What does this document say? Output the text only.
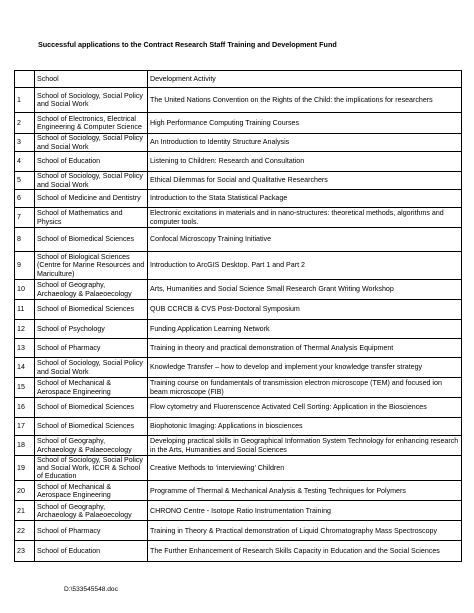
Successful applications to the Contract Research Staff Training and Development Fund
	School	Development Activity
1	School of Sociology, Social Policy and Social Work	The United Nations Convention on the Rights of the Child: the implications for researchers
2	School of Electronics, Electrical Engineering & Computer Science	High Performance Computing Training Courses
3	School of Sociology, Social Policy and Social Work	An Introduction to Identity Structure Analysis
4	School of Education	Listening to Children: Research and Consultation
5	School of Sociology, Social Policy and Social Work	Ethical Dilemmas for Social and Qualitative Researchers
6	School of Medicine and Dentistry	Introduction to the Stata Statistical Package
7	School of Mathematics and Physics	Electronic excitations in materials and in nano-structures: theoretical methods, algorithms and computer tools.
8	School of Biomedical Sciences	Confocal Microscopy Training Initiative
9	School of Biological Sciences (Centre for Marine Resources and Mariculture)	Introduction to ArcGIS Desktop. Part 1 and Part 2
10	School of Geography, Archaeology & Palaeoecology	Arts, Humanities and Social Science Small Research Grant Writing Workshop
11	School of Biomedical Sciences	QUB CCRCB & CVS Post-Doctoral Symposium
12	School of Psychology	Funding Application Learning Network
13	School of Pharmacy	Training in theory and practical demonstration of Thermal Analysis Equipment
14	School of Sociology, Social Policy and Social Work	Knowledge Transfer – how to develop and implement your knowledge transfer strategy
15	School of Mechanical & Aerospace Engineering	Training course on fundamentals of transmission electron microscope (TEM) and focused ion beam microscope (FIB)
16	School of Biomedical Sciences	Flow cytometry and Fluorenscence Activated Cell Sorting: Application in the Biosciences
17	School of Biomedical Sciences	Biophotonic Imaging: Applications in biosciences
18	School of Geography, Archaeology & Palaeoecology	Developing practical skills in Geographical Information System Technology for enhancing research in the Arts, Humanities and Social Sciences
19	School of Sociology, Social Policy and Social Work, ICCR & School of Education	Creative Methods to ‘interviewing’ Children
20	School of Mechanical & Aerospace Engineering	Programme of Thermal & Mechanical Analysis & Testing Techniques for Polymers
21	School of Geography, Archaeology & Palaeoecology	CHRONO Centre - Isotope Ratio Instrumentation Training
22	School of Pharmacy	Training in Theory & Practical demonstration of Liquid Chromatography Mass Spectroscopy
23	School of Education	The Further Enhancement of Research Skills Capacity in Education and the Social Sciences
D:\533545548.doc
